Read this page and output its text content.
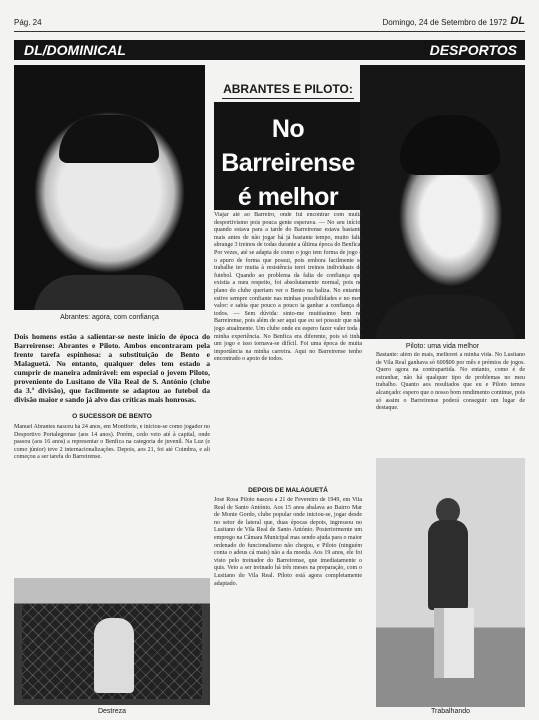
Pág. 24	Domingo, 24 de Setembro de 1972 DL
DL/DOMINICAL	DESPORTOS
Abrantes: agora, com confiança
ABRANTES E PILOTO:
No Barreirense
é melhor
Piloto: uma vida melhor
Dois homens estão a salientar-se neste início de época do Barreirense: Abrantes e Piloto. Ambos encontraram pela frente tarefa espinhosa: a substituição de Bento e Malaguetá. No entanto, qualquer deles tem estado a cumprir de maneira admirável: em especial o jovem Piloto, proveniente do Lusitano de Vila Real de S. António (clube da 3.ª divisão), que facilmente se adaptou ao futebol da divisão maior e sando já alvo das críticas mais honrosas.
O SUCESSOR DE BENTO
Manuel Abrantes nasceu há 24 anos, em Montforte, e iniciou-se como jogador no Desportivo Portalegrense (aos 14 anos). Porém, cedo veio até à capital, onde passou (aos 16 anos) a representar o Benfica na categoria de juvenil. Na Luz (e como júnior) teve 2 internacionalizações. Depois, aos 21, foi até Coimbra, e ali começou a ser tarefa do Barreirense.
Viajar até ao Barreiro, onde fui encontrar com muita desportivismo pois pouca gente esperava. — No seu início, quando estava para a tarde do Barreirense estava bastante mais antes de não jogar há já bastante tempo, muito falta abrange 3 treinos de todas durante a última época do Benfica. Por vezes, até se adapta de como o jogo tem forma de jogo e o apuro de forma que possui, pois embora facilmente se trabalhe ter muita à resistência terei treinos individuais de futebol. Quando ao problema da falta de confiança que existia a meu respeito, foi absolutamente normal, pois no plano do clube queriam ver o Bento na baliza. No entanto, estive sempre confiante nas minhas possibilidades e no meu valor: e sabia que pouco a pouco ia ganhar a confiança de todos. — Sem dúvida: sinto-me muitíssimo bem no Barreirense, pois além de ser aqui que eu sei possuir que não jogo atualmente. Um clube onde eu espero fazer valer toda a minha experiência. No Benfica era diferente, pois só tinha um jogo e isso tornava-se difícil. Foi uma época de muita importância na minha carreira. Aqui no Barreirense tenho encontrado o apoio de todos.
DEPOIS DE MALAGUETÁ
José Rosa Piloto nasceu a 21 de Fevereiro de 1949, em Vila Real de Santo António. Aos 15 anos abalava ao Bairro Mar de Monte Gordo, clube popular onde iniciou-se, jogar desde no setor de lateral que, duas épocas depois, ingressou no Lusitano de Vila Real de Santo António. Posteriormente um emprego na Câmara Municipal mas sendo ajuda para o maior ordenado do funcionalismo não chegou, e Piloto (ninguém conta o adeus cá mais) não a da moeda. Aos 19 anos, ele foi visto pelo treinador do Barreirense, que imediatamente o quis. Veio a ser treinado há três meses na preparação, com o Lusitano do Vila Real. Piloto está agora completamente adaptado.
Bastante: além do mais, melhorei a minha vida. No Lusitano de Vila Real ganhava só 600$00 por mês e prémios de jogos. Quero agora na contrapartida. No entanto, como é de estranhar, não há qualquer tipo de problemas no meu trabalho. Quanto aos resultados que eu e Piloto temos alcançado: espero que o nosso bom rendimento continue, pois só assim o Barreirense poderá conseguir um lugar de destaque.
Destreza	Trabalhando
